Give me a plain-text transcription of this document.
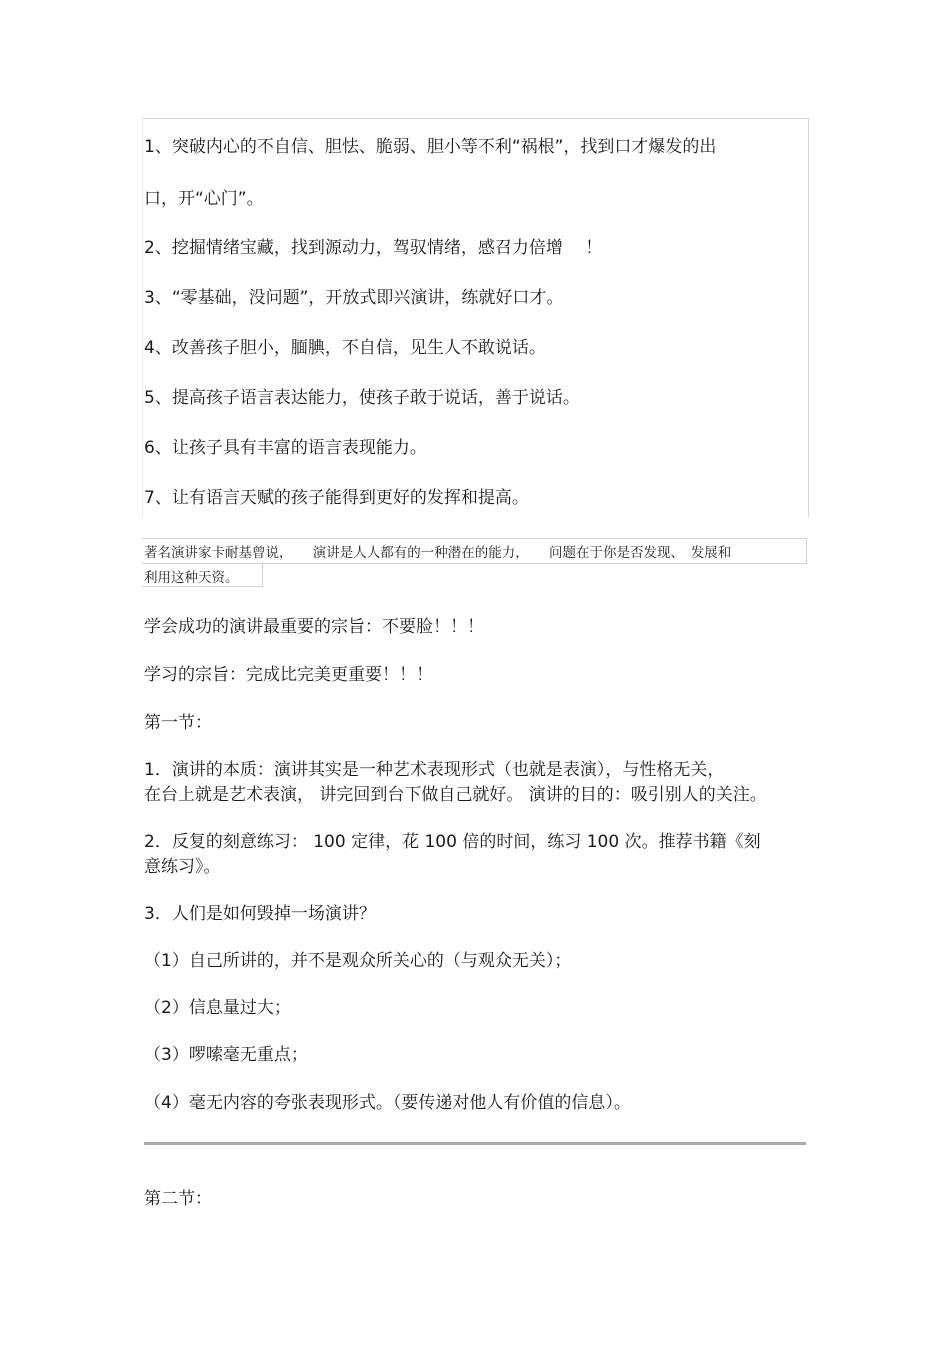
1、突破内心的不自信、胆怯、脆弱、胆小等不利“祸根”，找到口才爆发的出
口，开“心门”。
2、挖掘情绪宝藏，找到源动力，驾驭情绪，感召力倍增　 ！
3、“零基础，没问题”，开放式即兴演讲，练就好口才。
4、改善孩子胆小，腼腆，不自信，见生人不敢说话。
5、提高孩子语言表达能力，使孩子敢于说话，善于说话。
6、让孩子具有丰富的语言表现能力。
7、让有语言天赋的孩子能得到更好的发挥和提高。
著名演讲家卡耐基曾说，　　演讲是人人都有的一种潜在的能力，　　问题在于你是否发现、　发展和
利用这种天资。
学会成功的演讲最重要的宗旨：不要脸！！！
学习的宗旨：完成比完美更重要！！！
第一节：
1．演讲的本质：演讲其实是一种艺术表现形式（也就是表演），与性格无关，
在台上就是艺术表演， 讲完回到台下做自己就好。 演讲的目的：吸引别人的关注。
2．反复的刻意练习： 100 定律，花 100 倍的时间，练习 100 次。推荐书籍《刻
意练习》。
3．人们是如何毁掉一场演讲？
（1）自己所讲的，并不是观众所关心的（与观众无关）；
（2）信息量过大；
（3）啰嗦毫无重点；
（4）毫无内容的夸张表现形式。（要传递对他人有价值的信息）。
第二节：
